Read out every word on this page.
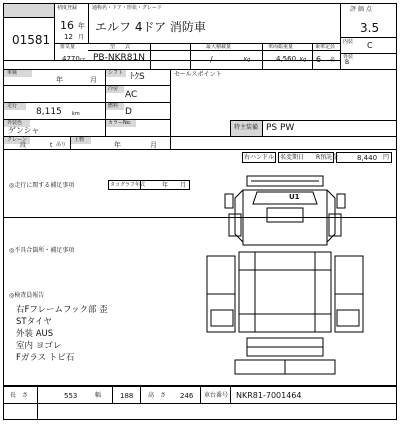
初度登録	通称名・ドア・形状・グレード
01581
16 年
12 月
エルフ 4ドア 消防車
評 価 点
3.5
内装 C
外装
B
排気量
4770 cc
型　　式
PB-NKR81N
最大積載量
/	Kg
車両総重量
4,560 Kg
乗車定員
6 名
車検
年	月
シフト ﾄｸS
冷房
AC
走行
8,115 km
燃料
D
外装色
ゲンシャ
カラーNo.
クレーン
段	t 吊り
上物
年	月
セールスポイント
特主装備 PS PW
右ハンドル 名変期日 R預託金	8,440 円
◎走行に関する補足事項	タコグラフ年式	年 月
◎不具合箇所・補足事項
◎検査員報告
右Fフレームフック部 歪
STタイヤ
外装 AUS
室内 ヨゴレ
Fガラス トビ石
U1
長　さ	553	幅	188 高　さ 246 車台番号 NKR81-7001464
